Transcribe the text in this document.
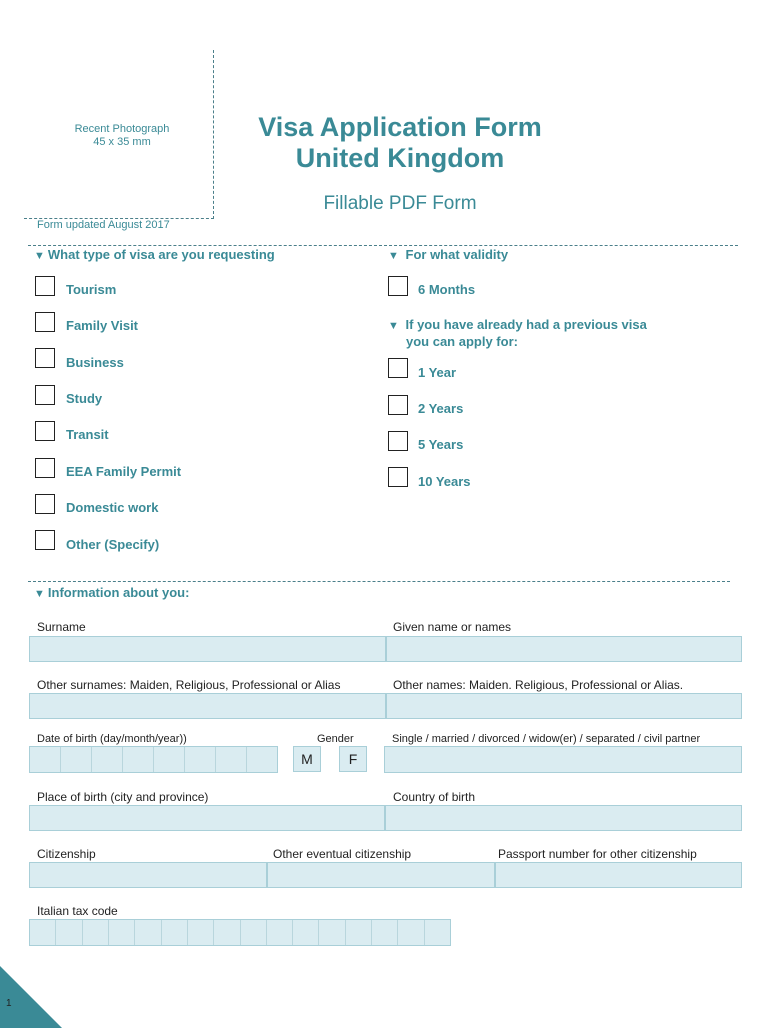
Recent Photograph
45 x 35 mm	Visa Application Form
United Kingdom
Fillable PDF Form
Form updated August 2017
▼ What type of visa are you requesting
Tourism
Family Visit
Business
Study
Transit
EEA Family Permit
Domestic work
Other (Specify)
▼ For what validity
6 Months
▼ If you have already had a previous visa
you can apply for:
1 Year
2 Years
5 Years
10 Years
▼ Information about you:
Surname	Given name or names
Other surnames: Maiden, Religious, Professional or Alias	Other names: Maiden. Religious, Professional or Alias.
Date of birth (day/month/year))	Gender	Single / married / divorced / widow(er) / separated / civil partner
M	F
Place of birth (city and province)	Country of birth
Citizenship	Other eventual citizenship	Passport number for other citizenship
Italian tax code
1
